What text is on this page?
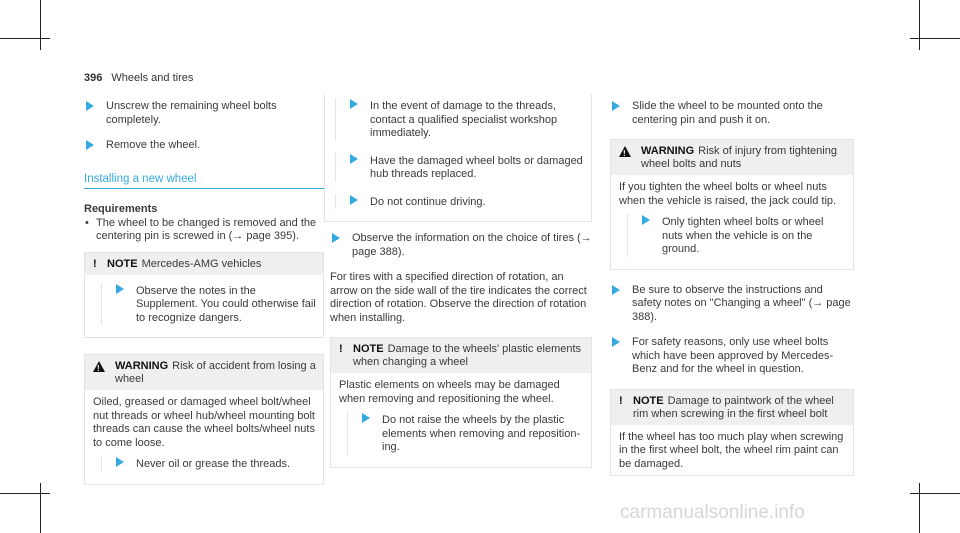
396 Wheels and tires
Unscrew the remaining wheel bolts completely.
Remove the wheel.
Installing a new wheel
Requirements
• The wheel to be changed is removed and the centering pin is screwed in (→ page 395).
! NOTE Mercedes-AMG vehicles
Observe the notes in the Supplement. You could otherwise fail to recognize dangers.
! WARNING Risk of accident from losing a wheel
Oiled, greased or damaged wheel bolt/wheel nut threads or wheel hub/wheel mounting bolt threads can cause the wheel bolts/wheel nuts to come loose.
Never oil or grease the threads.
In the event of damage to the threads, contact a qualified specialist workshop immediately.
Have the damaged wheel bolts or damaged hub threads replaced.
Do not continue driving.
Observe the information on the choice of tires (→ page 388).
For tires with a specified direction of rotation, an arrow on the side wall of the tire indicates the correct direction of rotation. Observe the direction of rotation when installing.
! NOTE Damage to the wheels' plastic elements when changing a wheel
Plastic elements on wheels may be damaged when removing and repositioning the wheel.
Do not raise the wheels by the plastic elements when removing and reposition-ing.
Slide the wheel to be mounted onto the centering pin and push it on.
! WARNING Risk of injury from tightening wheel bolts and nuts
If you tighten the wheel bolts or wheel nuts when the vehicle is raised, the jack could tip.
Only tighten wheel bolts or wheel nuts when the vehicle is on the ground.
Be sure to observe the instructions and safety notes on "Changing a wheel" (→ page 388).
For safety reasons, only use wheel bolts which have been approved by Mercedes-Benz and for the wheel in question.
! NOTE Damage to paintwork of the wheel rim when screwing in the first wheel bolt
If the wheel has too much play when screwing in the first wheel bolt, the wheel rim paint can be damaged.
carmanualsonline.info
